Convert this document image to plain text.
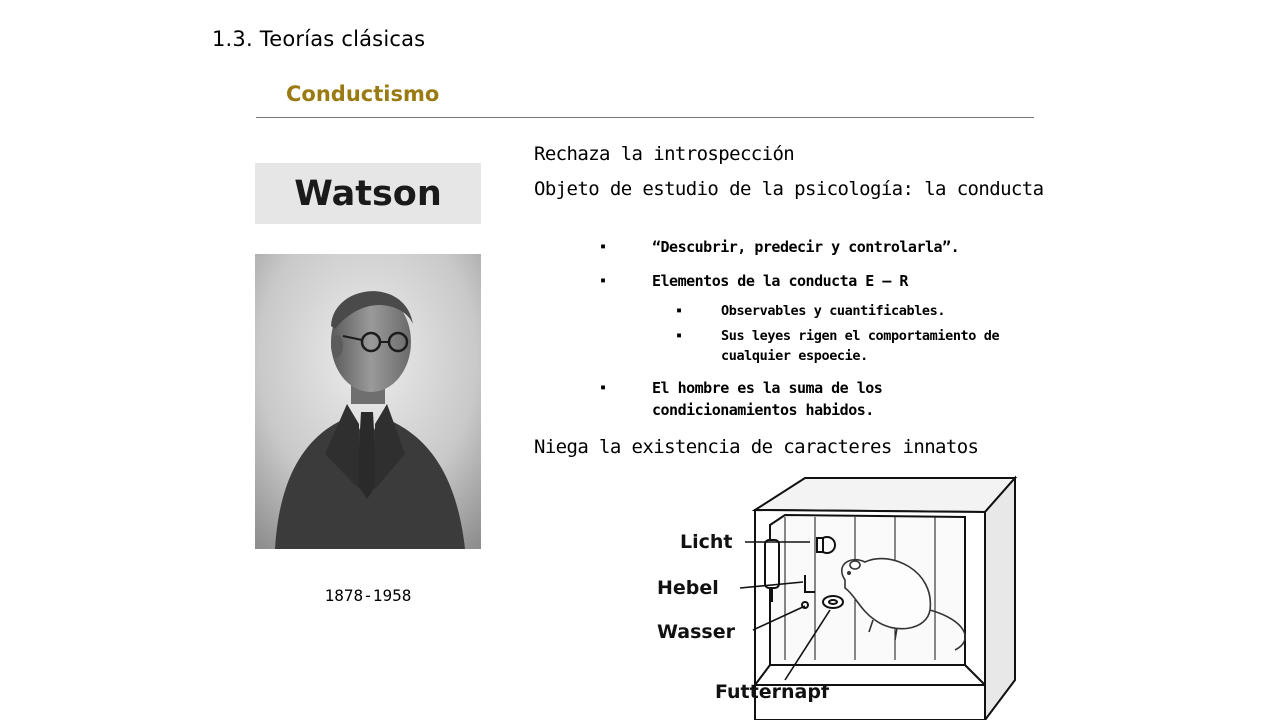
1.3. Teorías clásicas
Conductismo
Watson
1878-1958
Rechaza la introspección
Objeto de estudio de la psicología: la conducta
▪	“Descubrir, predecir y controlarla”.
▪	Elementos de la conducta E – R
▪	Observables y cuantificables.
▪	Sus leyes rigen el comportamiento de cualquier espoecie.
▪	El hombre es la suma de los condicionamientos habidos.
Niega la existencia de caracteres innatos
Licht
Hebel
Wasser
Futternapf
